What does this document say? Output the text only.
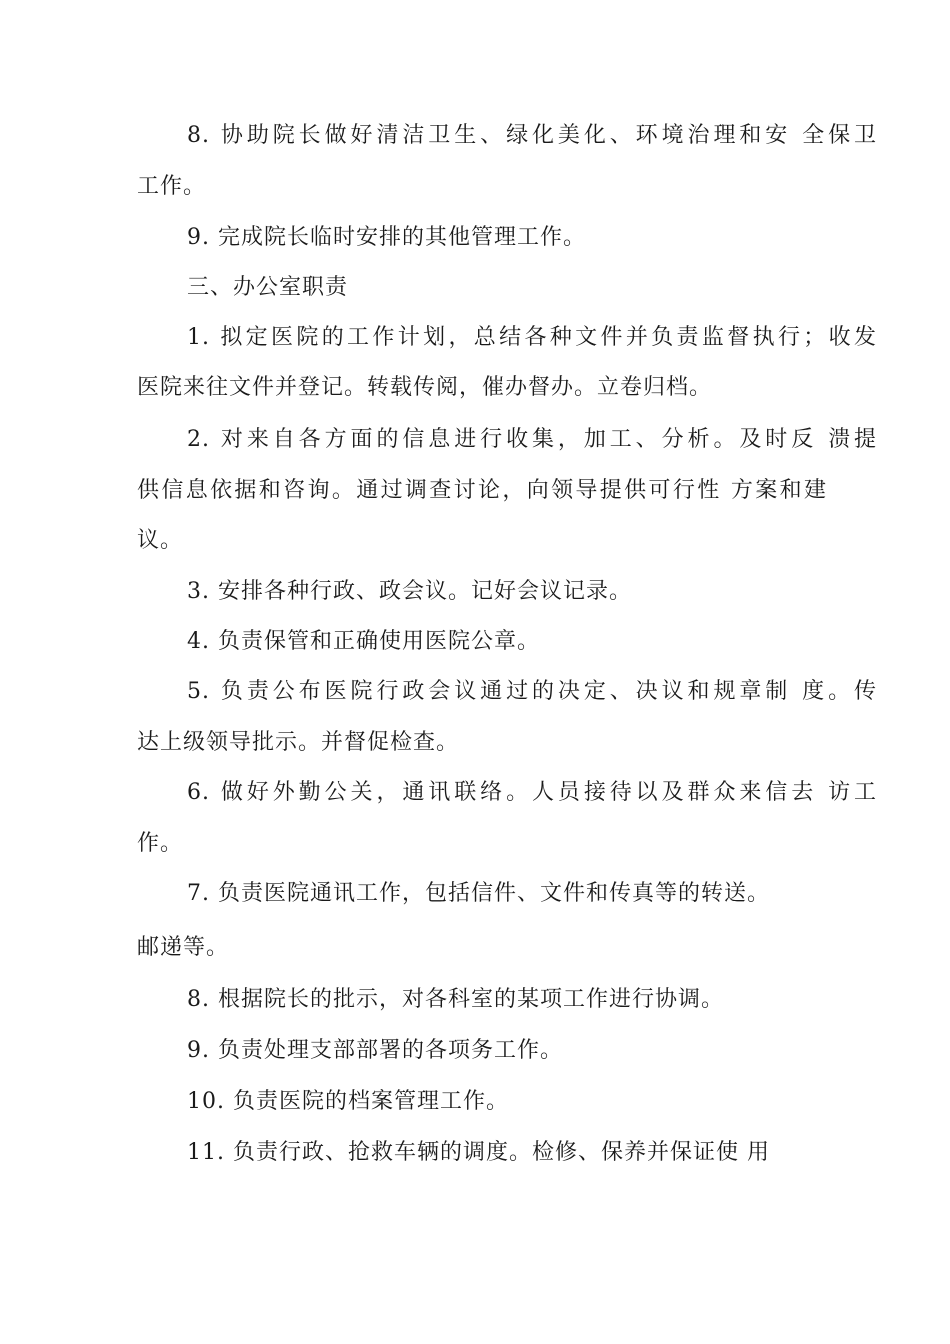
8. 协助院长做好清洁卫生、绿化美化、环境治理和安 全保卫
工作。
9. 完成院长临时安排的其他管理工作。
三、办公室职责
1. 拟定医院的工作计划，总结各种文件并负责监督执行；收发
医院来往文件并登记。转载传阅，催办督办。立卷归档。
2. 对来自各方面的信息进行收集，加工、分析。及时反 溃提
供信息依据和咨询。通过调查讨论，向领导提供可行性 方案和建
议。
3. 安排各种行政、政会议。记好会议记录。
4. 负责保管和正确使用医院公章。
5. 负责公布医院行政会议通过的决定、决议和规章制 度。传
达上级领导批示。并督促检查。
6. 做好外勤公关，通讯联络。人员接待以及群众来信去 访工
作。
7. 负责医院通讯工作，包括信件、文件和传真等的转送。
邮递等。
8. 根据院长的批示，对各科室的某项工作进行协调。
9. 负责处理支部部署的各项务工作。
10. 负责医院的档案管理工作。
11. 负责行政、抢救车辆的调度。检修、保养并保证使 用
